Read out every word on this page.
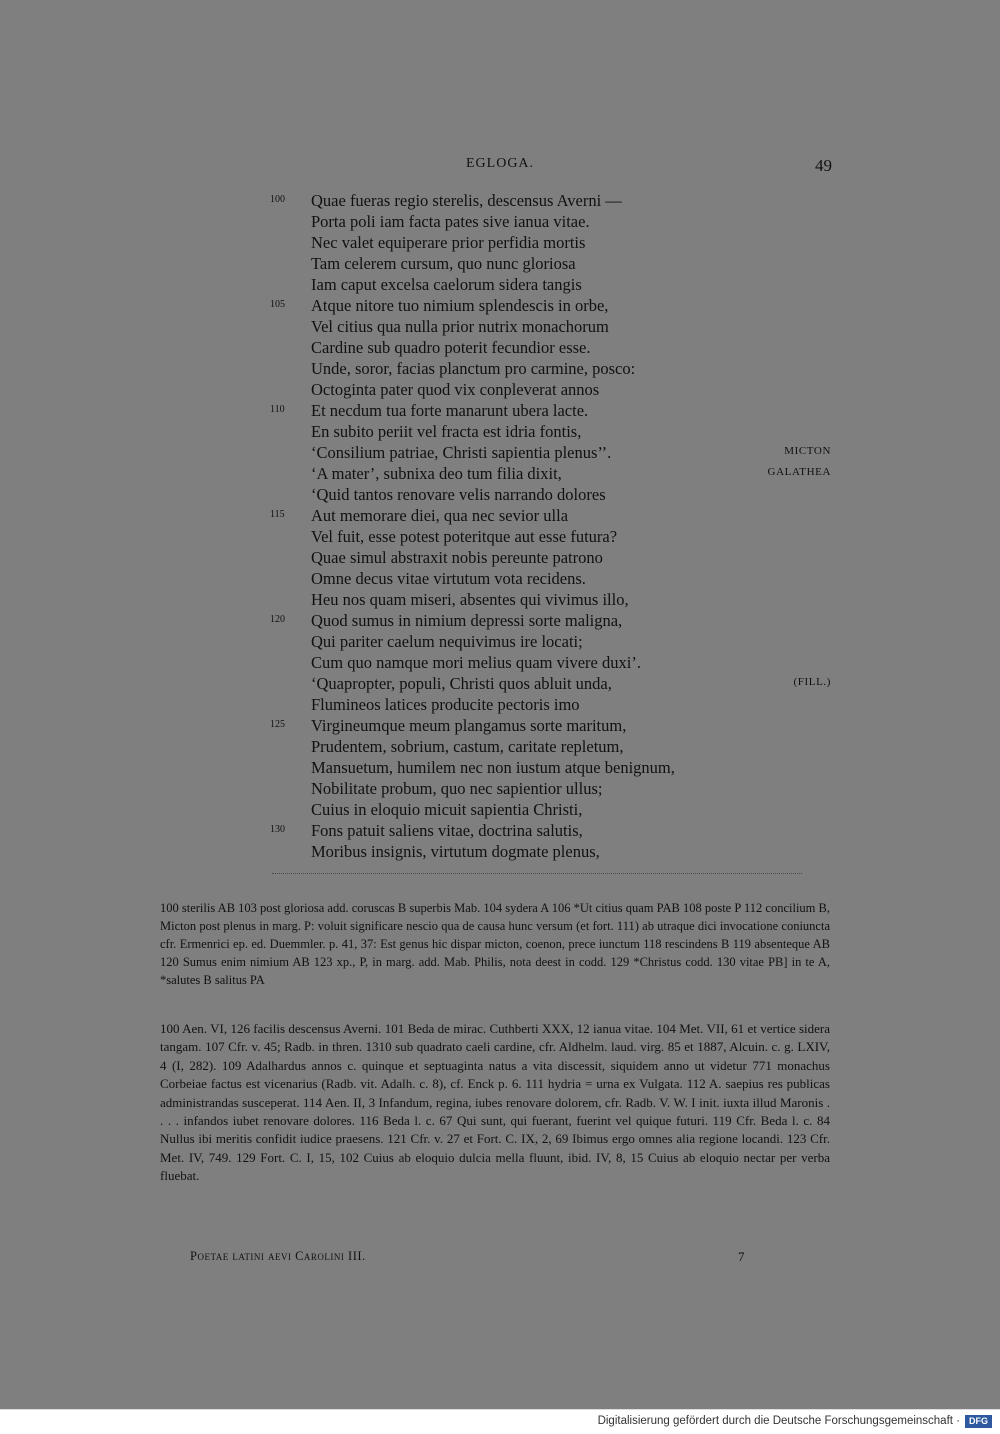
EGLOGA.	49
100 Quae fueras regio sterelis, descensus Averni —
Porta poli iam facta pates sive ianua vitae.
Nec valet equiperare prior perfidia mortis
Tam celerem cursum, quo nunc gloriosa
Iam caput excelsa caelorum sidera tangis
105 Atque nitore tuo nimium splendescis in orbe,
Vel citius qua nulla prior nutrix monachorum
Cardine sub quadro poterit fecundior esse.
Unde, soror, facias planctum pro carmine, posco:
Octoginta pater quod vix conpleverat annos
110 Et necdum tua forte manarunt ubera lacte.
En subito periit vel fracta est idria fontis,
‘Consilium patriae, Christi sapientia plenus’’.	MICTON
‘A mater’, subnixa deo tum filia dixit,	GALATHEA
‘Quid tantos renovare velis narrando dolores
115 Aut memorare diei, qua nec sevior ulla
Vel fuit, esse potest poteritque aut esse futura?
Quae simul abstraxit nobis pereunte patrono
Omne decus vitae virtutum vota recidens.
Heu nos quam miseri, absentes qui vivimus illo,
120 Quod sumus in nimium depressi sorte maligna,
Qui pariter caelum nequivimus ire locati;
Cum quo namque mori melius quam vivere duxi’.
‘Quapropter, populi, Christi quos abluit unda,	(FILL.)
Flumineos latices producite pectoris imo
125 Virgineumque meum plangamus sorte maritum,
Prudentem, sobrium, castum, caritate repletum,
Mansuetum, humilem nec non iustum atque benignum,
Nobilitate probum, quo nec sapientior ullus;
Cuius in eloquio micuit sapientia Christi,
130 Fons patuit saliens vitae, doctrina salutis,
Moribus insignis, virtutum dogmate plenus,

100 sterilis AB 103 post gloriosa add. coruscas B superbis Mab. 104 sydera A 106 *Ut citius quam PAB 108 poste P 112 concilium B, Micton post plenus in marg. P: voluit significare nescio qua de causa hunc versum (et fort. 111) ab utraque dici invocatione coniuncta cfr. Ermenrici ep. ed. Duemmler. p. 41, 37: Est genus hic dispar micton, coenon, prece iunctum 118 rescindens B 119 absenteque AB 120 Sumus enim nimium AB 123 xp., P, in marg. add. Mab. Philis, nota deest in codd. 129 *Christus codd. 130 vitae PB] in te A, *salutes B salitus PA

100 Aen. VI, 126 facilis descensus Averni. 101 Beda de mirac. Cuthberti XXX, 12 ianua vitae. 104 Met. VII, 61 et vertice sidera tangam. 107 Cfr. v. 45; Radb. in thren. 1310 sub quadrato caeli cardine, cfr. Aldhelm. laud. virg. 85 et 1887, Alcuin. c. g. LXIV, 4 (I, 282). 109 Adalhardus annos c. quinque et septuaginta natus a vita discessit, siquidem anno ut videtur 771 monachus Corbeiae factus est vicenarius (Radb. vit. Adalh. c. 8), cf. Enck p. 6. 111 hydria = urna ex Vulgata. 112 A. saepius res publicas administrandas susceperat. 114 Aen. II, 3 Infandum, regina, iubes renovare dolorem, cfr. Radb. V. W. I init. iuxta illud Maronis . . . . infandos iubet renovare dolores. 116 Beda l. c. 67 Qui sunt, qui fuerant, fuerint vel quique futuri. 119 Cfr. Beda l. c. 84 Nullus ibi meritis confidit iudice praesens. 121 Cfr. v. 27 et Fort. C. IX, 2, 69 Ibimus ergo omnes alia regione locandi. 123 Cfr. Met. IV, 749. 129 Fort. C. I, 15, 102 Cuius ab eloquio dulcia mella fluunt, ibid. IV, 8, 15 Cuius ab eloquio nectar per verba fluebat.

Poetae latini aevi Carolini III.	7
Digitalisierung gefördert durch die Deutsche Forschungsgemeinschaft ·	DFG
